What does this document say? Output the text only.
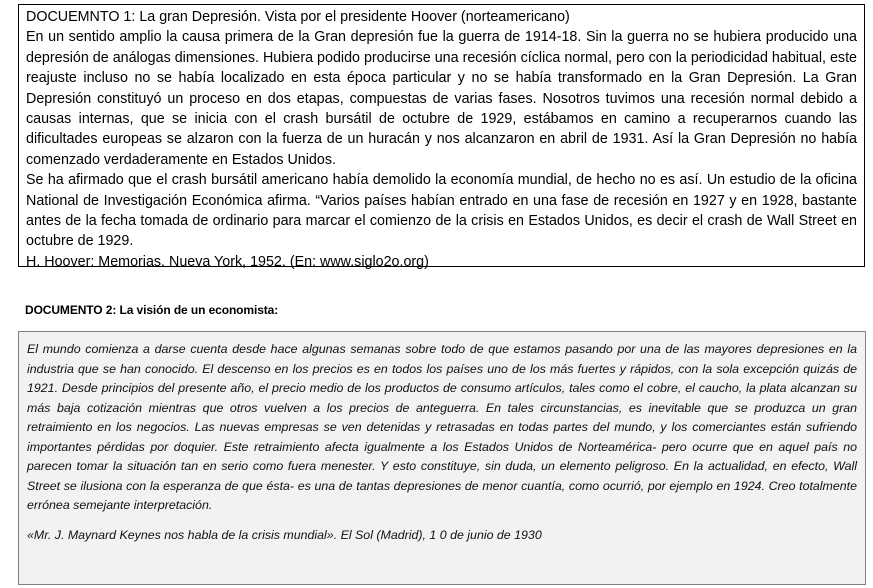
DOCUEMNTO 1: La gran Depresión. Vista por el presidente Hoover (norteamericano)

En un sentido amplio la causa primera de la Gran depresión fue la guerra de 1914-18. Sin la guerra no se hubiera producido una depresión de análogas dimensiones. Hubiera podido producirse una recesión cíclica normal, pero con la periodicidad habitual, este reajuste incluso no se había localizado en esta época particular y no se había transformado en la Gran Depresión. La Gran Depresión constituyó un proceso en dos etapas, compuestas de varias fases. Nosotros tuvimos una recesión normal debido a causas internas, que se inicia con el crash bursátil de octubre de 1929, estábamos en camino a recuperarnos cuando las dificultades europeas se alzaron con la fuerza de un huracán y nos alcanzaron en abril de 1931. Así la Gran Depresión no había comenzado verdaderamente en Estados Unidos.

Se ha afirmado que el crash bursátil americano había demolido la economía mundial, de hecho no es así. Un estudio de la oficina National de Investigación Económica afirma. “Varios países habían entrado en una fase de recesión en 1927 y en 1928, bastante antes de la fecha tomada de ordinario para marcar el comienzo de la crisis en Estados Unidos, es decir el crash de Wall Street en octubre de 1929.

H. Hoover: Memorias. Nueva York, 1952. (En: www.siglo2o.org)

DOCUMENTO 2: La visión de un economista:

El mundo comienza a darse cuenta desde hace algunas semanas sobre todo de que estamos pasando por una de las mayores depresiones en la industria que se han conocido. El descenso en los precios es en todos los países uno de los más fuertes y rápidos, con la sola excepción quizás de 1921. Desde principios del presente año, el precio medio de los productos de consumo artículos, tales como el cobre, el caucho, la plata alcanzan su más baja cotización mientras que otros vuelven a los precios de anteguerra. En tales circunstancias, es inevitable que se produzca un gran retraimiento en los negocios. Las nuevas empresas se ven detenidas y retrasadas en todas partes del mundo, y los comerciantes están sufriendo importantes pérdidas por doquier. Este retraimiento afecta igualmente a los Estados Unidos de Norteamérica- pero ocurre que en aquel país no parecen tomar la situación tan en serio como fuera menester. Y esto constituye, sin duda, un elemento peligroso. En la actualidad, en efecto, Wall Street se ilusiona con la esperanza de que ésta- es una de tantas depresiones de menor cuantía, como ocurrió, por ejemplo en 1924. Creo totalmente errónea semejante interpretación.

«Mr. J. Maynard Keynes nos habla de la crisis mundial». El Sol (Madrid), 1 0 de junio de 1930
